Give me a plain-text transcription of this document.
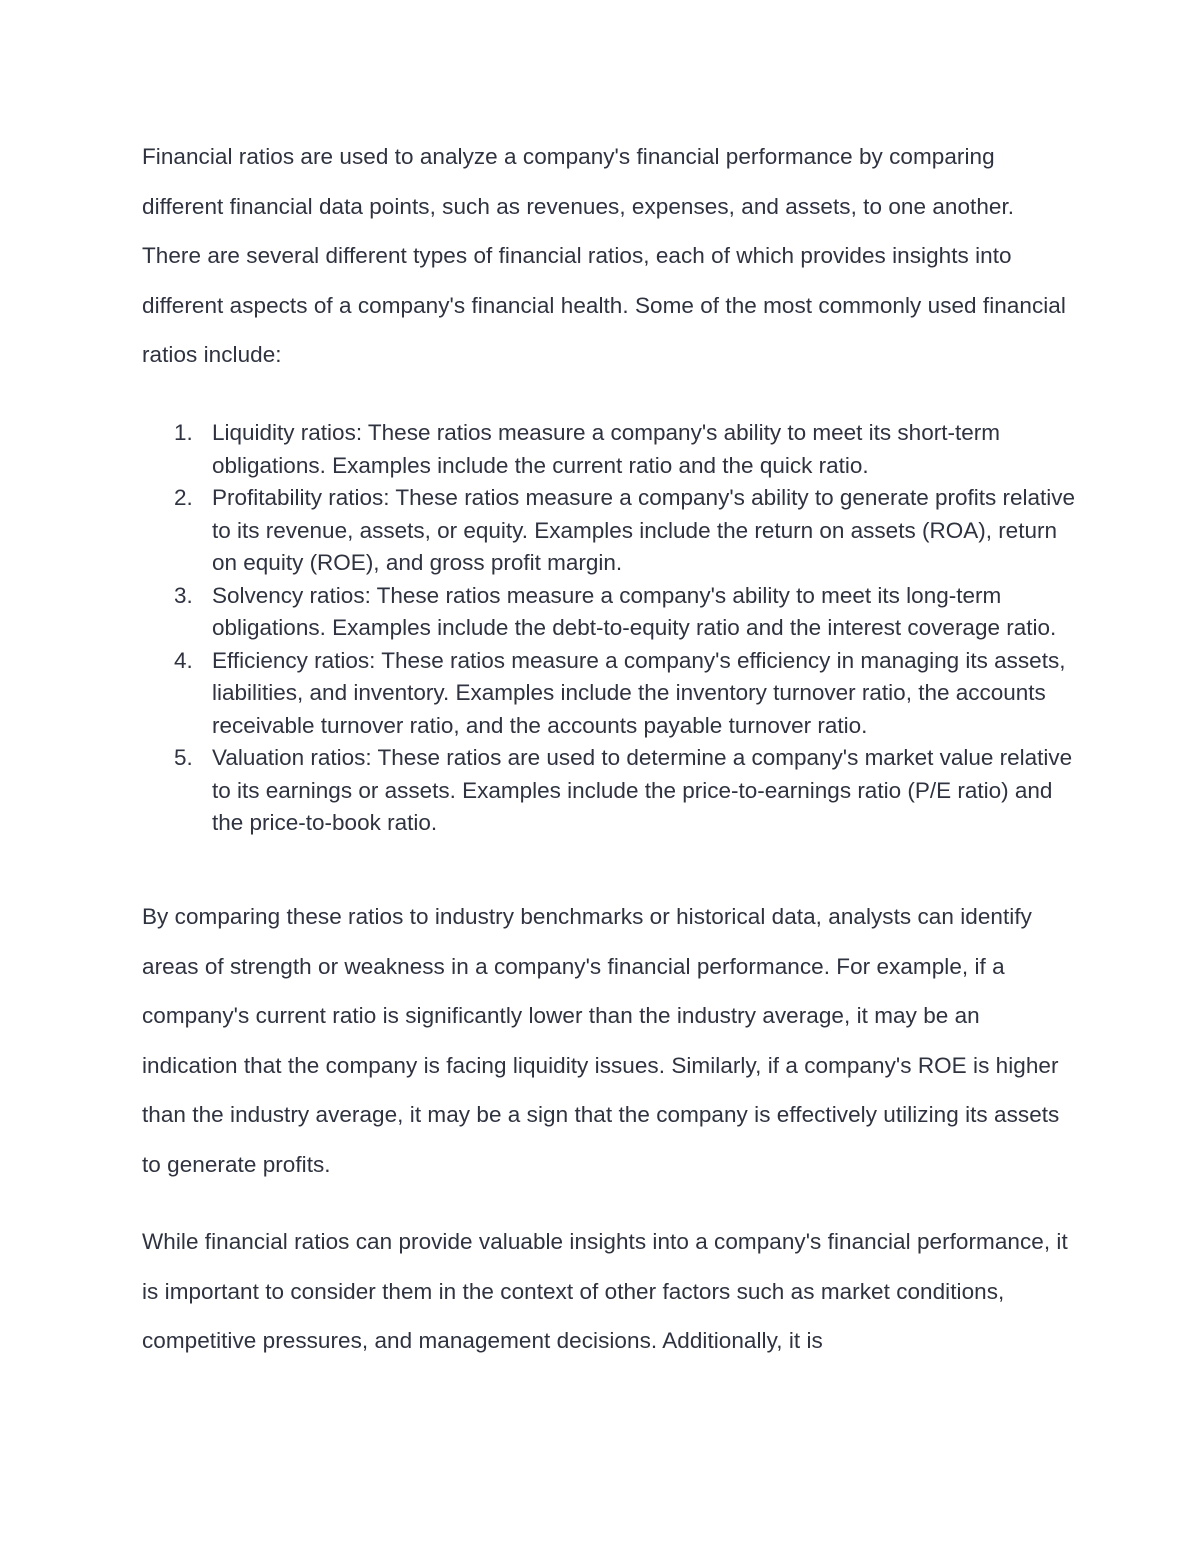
Financial ratios are used to analyze a company's financial performance by comparing different financial data points, such as revenues, expenses, and assets, to one another. There are several different types of financial ratios, each of which provides insights into different aspects of a company's financial health. Some of the most commonly used financial ratios include:

1. Liquidity ratios: These ratios measure a company's ability to meet its short-term obligations. Examples include the current ratio and the quick ratio.
2. Profitability ratios: These ratios measure a company's ability to generate profits relative to its revenue, assets, or equity. Examples include the return on assets (ROA), return on equity (ROE), and gross profit margin.
3. Solvency ratios: These ratios measure a company's ability to meet its long-term obligations. Examples include the debt-to-equity ratio and the interest coverage ratio.
4. Efficiency ratios: These ratios measure a company's efficiency in managing its assets, liabilities, and inventory. Examples include the inventory turnover ratio, the accounts receivable turnover ratio, and the accounts payable turnover ratio.
5. Valuation ratios: These ratios are used to determine a company's market value relative to its earnings or assets. Examples include the price-to-earnings ratio (P/E ratio) and the price-to-book ratio.

By comparing these ratios to industry benchmarks or historical data, analysts can identify areas of strength or weakness in a company's financial performance. For example, if a company's current ratio is significantly lower than the industry average, it may be an indication that the company is facing liquidity issues. Similarly, if a company's ROE is higher than the industry average, it may be a sign that the company is effectively utilizing its assets to generate profits.

While financial ratios can provide valuable insights into a company's financial performance, it is important to consider them in the context of other factors such as market conditions, competitive pressures, and management decisions. Additionally, it is
